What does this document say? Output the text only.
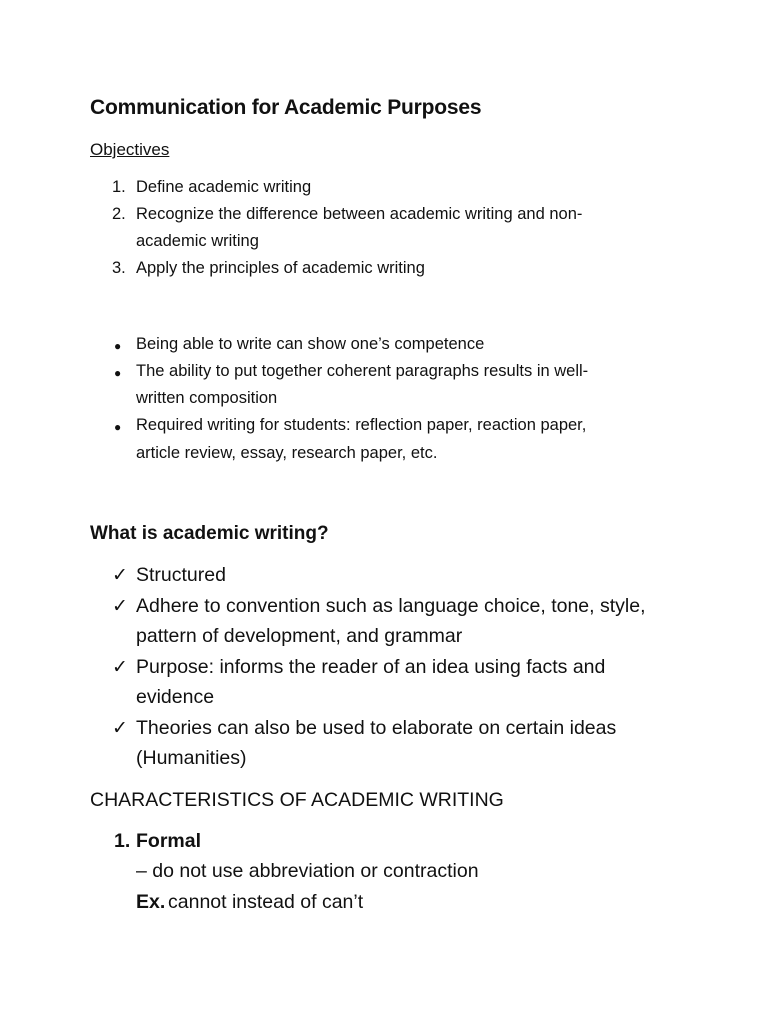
Communication for Academic Purposes
Objectives
1. Define academic writing
2. Recognize the difference between academic writing and non-
academic writing
3. Apply the principles of academic writing
● Being able to write can show one’s competence
● The ability to put together coherent paragraphs results in well-
written composition
● Required writing for students: reflection paper, reaction paper,
article review, essay, research paper, etc.
What is academic writing?
✓ Structured
✓ Adhere to convention such as language choice, tone, style,
pattern of development, and grammar
✓ Purpose: informs the reader of an idea using facts and
evidence
✓ Theories can also be used to elaborate on certain ideas
(Humanities)
CHARACTERISTICS OF ACADEMIC WRITING
1. Formal
– do not use abbreviation or contraction
Ex. cannot instead of can’t
